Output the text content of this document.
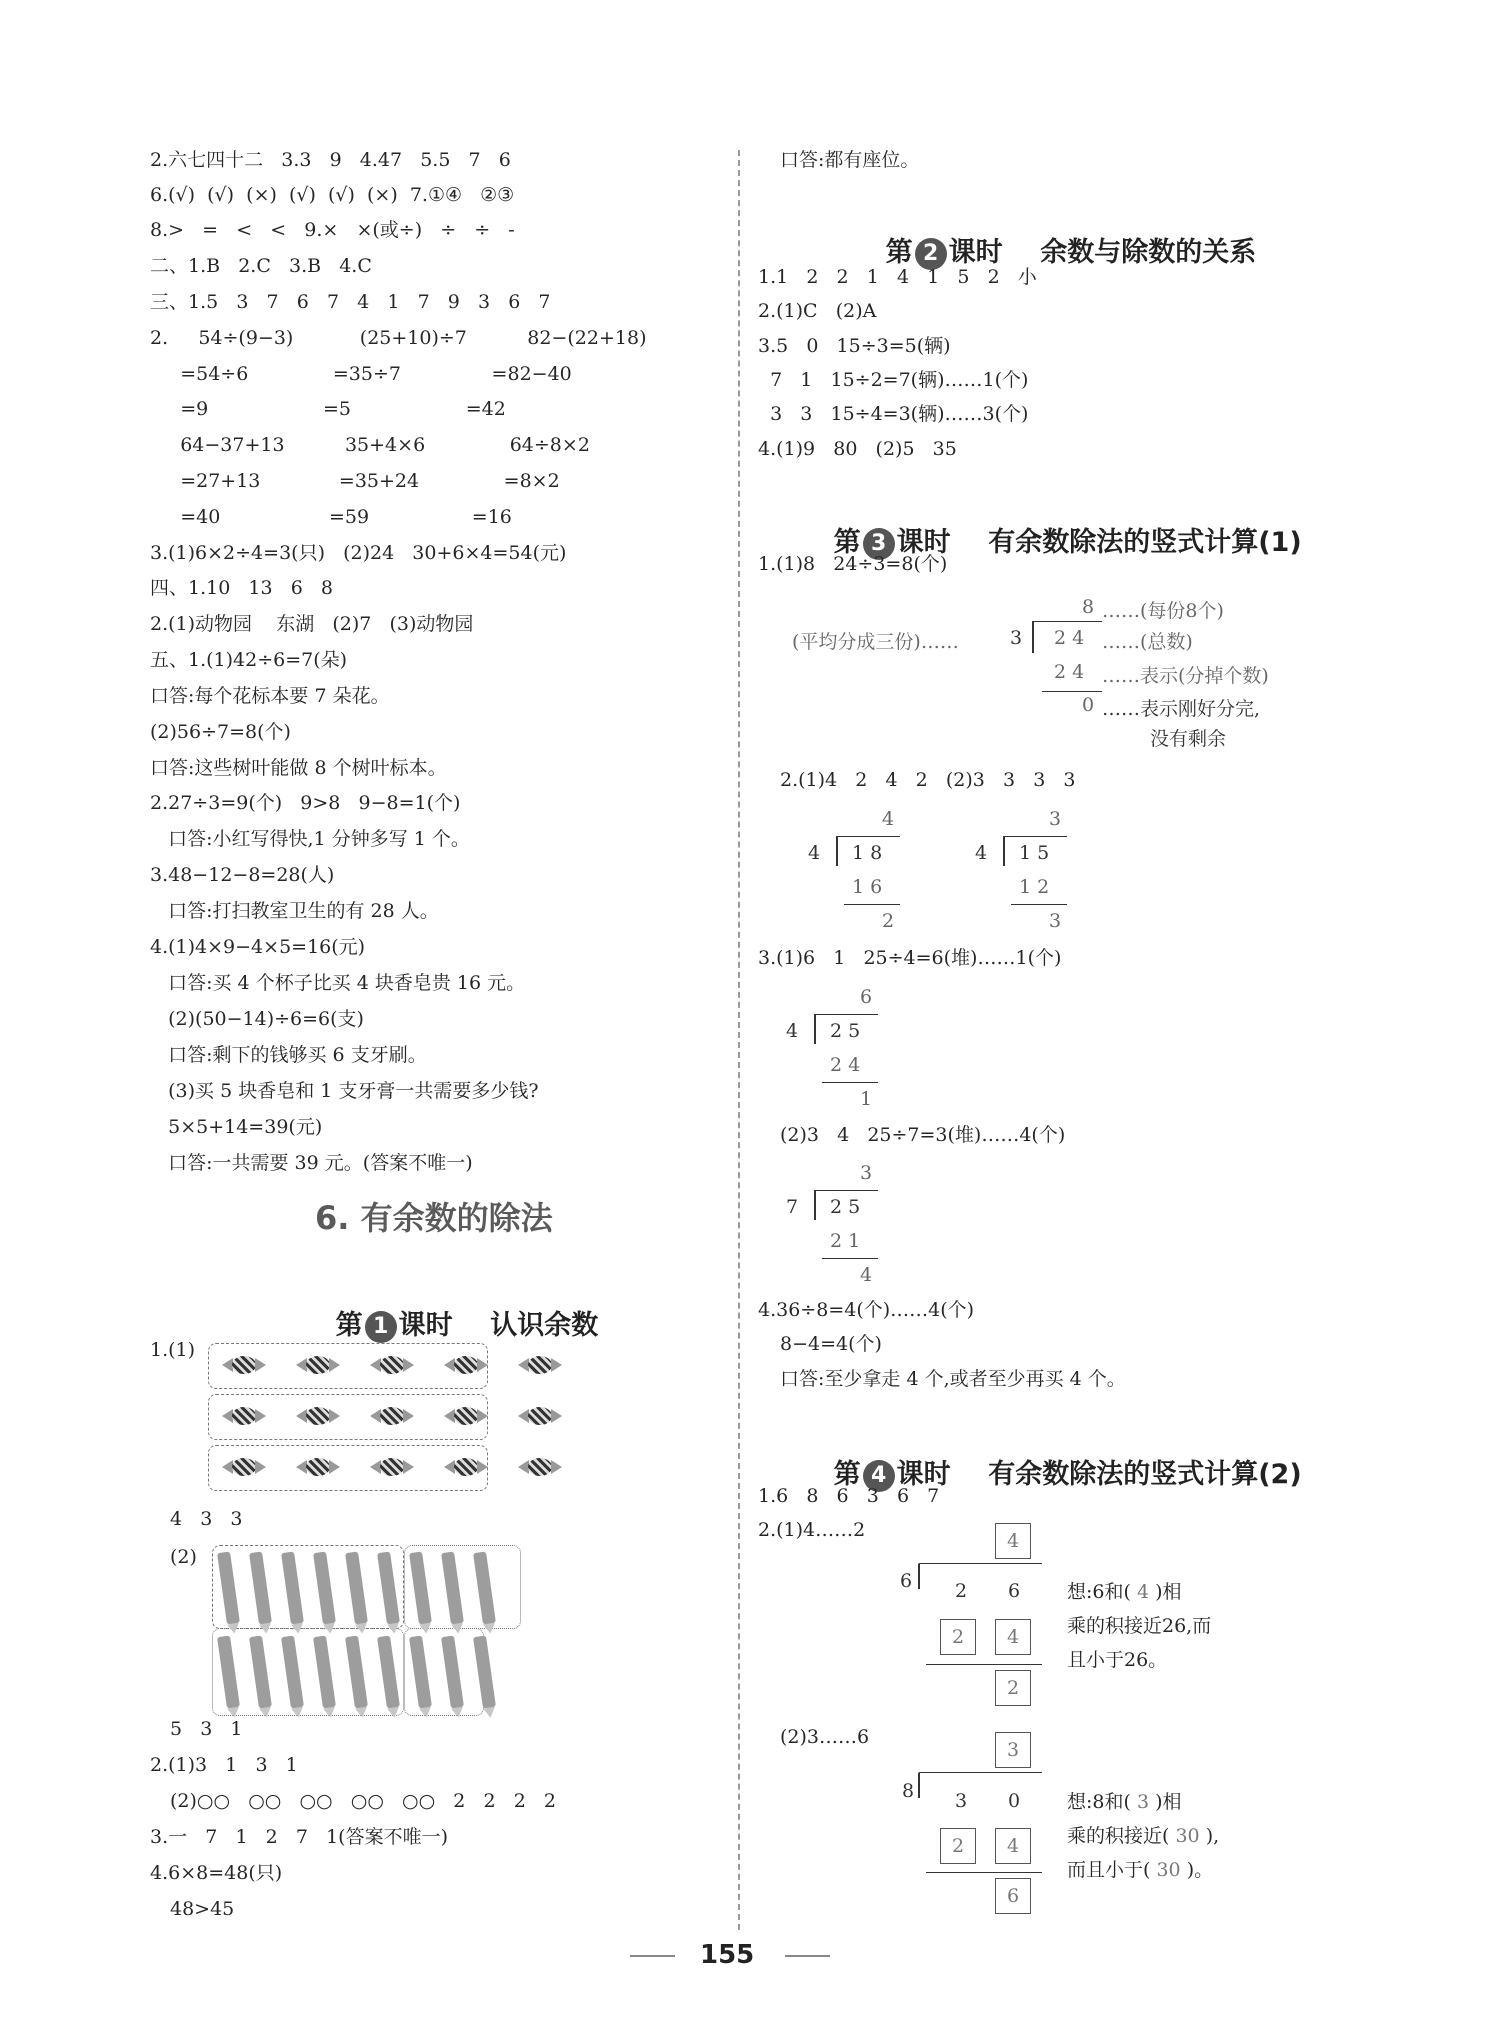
2.六七四十二   3.3   9   4.47   5.5   7   6
6.(√)  (√)  (×)  (√)  (√)  (×)  7.①④   ②③
8.>   =   <   <   9.×   ×(或÷)   ÷   ÷   -
二、1.B   2.C   3.B   4.C
三、1.5   3   7   6   7   4   1   7   9   3   6   7
2.     54÷(9−3)           (25+10)÷7          82−(22+18)
=54÷6              =35÷7               =82−40
=9                   =5                   =42
64−37+13          35+4×6              64÷8×2
=27+13             =35+24              =8×2
=40                  =59                 =16
3.(1)6×2÷4=3(只)   (2)24   30+6×4=54(元)
四、1.10   13   6   8
2.(1)动物园    东湖   (2)7   (3)动物园
五、1.(1)42÷6=7(朵)
口答:每个花标本要 7 朵花。
(2)56÷7=8(个)
口答:这些树叶能做 8 个树叶标本。
2.27÷3=9(个)   9>8   9−8=1(个)
口答:小红写得快,1 分钟多写 1 个。
3.48−12−8=28(人)
口答:打扫教室卫生的有 28 人。
4.(1)4×9−4×5=16(元)
口答:买 4 个杯子比买 4 块香皂贵 16 元。
(2)(50−14)÷6=6(支)
口答:剩下的钱够买 6 支牙刷。
(3)买 5 块香皂和 1 支牙膏一共需要多少钱?
5×5+14=39(元)
口答:一共需要 39 元。(答案不唯一)
6. 有余数的除法

第 1 课时    认识余数

1.(1)
4   3   3
(2)
5   3   1
2.(1)3   1   3   1
(2)○○   ○○   ○○   ○○   ○○   2   2   2   2
3.一   7   1   2   7   1(答案不唯一)
4.6×8=48(只)
48>45
口答:都有座位。

第 2 课时    余数与除数的关系

1.1   2   2   1   4   1   5   2   小
2.(1)C   (2)A
3.5   0   15÷3=5(辆)
7   1   15÷2=7(辆)……1(个)
3   3   15÷4=3(辆)……3(个)
4.(1)9   80   (2)5   35

第 3 课时    有余数除法的竖式计算(1)

1.(1)8   24÷3=8(个)
8 ……(每份8个)
(平均分成三份)……	3 2 4 ……(总数)
2 4 ……表示(分掉个数)
0 ……表示刚好分完,
没有剩余
2.(1)4   2   4   2   (2)3   3   3   3
3.(1)6   1   25÷4=6(堆)……1(个)
(2)3   4   25÷7=3(堆)……4(个)
4.36÷8=4(个)……4(个)
8−4=4(个)
口答:至少拿走 4 个,或者至少再买 4 个。

第 4 课时    有余数除法的竖式计算(2)

1.6   8   6   3   6   7
2.(1)4……2	4
6 2 6
2	4
2
想:6和( 4 )相
乘的积接近26,而
且小于26。
(2)3……6
3
8 3 0
2	4
6
想:8和( 3 )相
乘的积接近( 30 ),
而且小于( 30 )。
155
4
4 1 8
1 6
2
3
4 1 5
1 2
3
6
4 2 5
2 4
1
3
7 2 5
2 1
4
